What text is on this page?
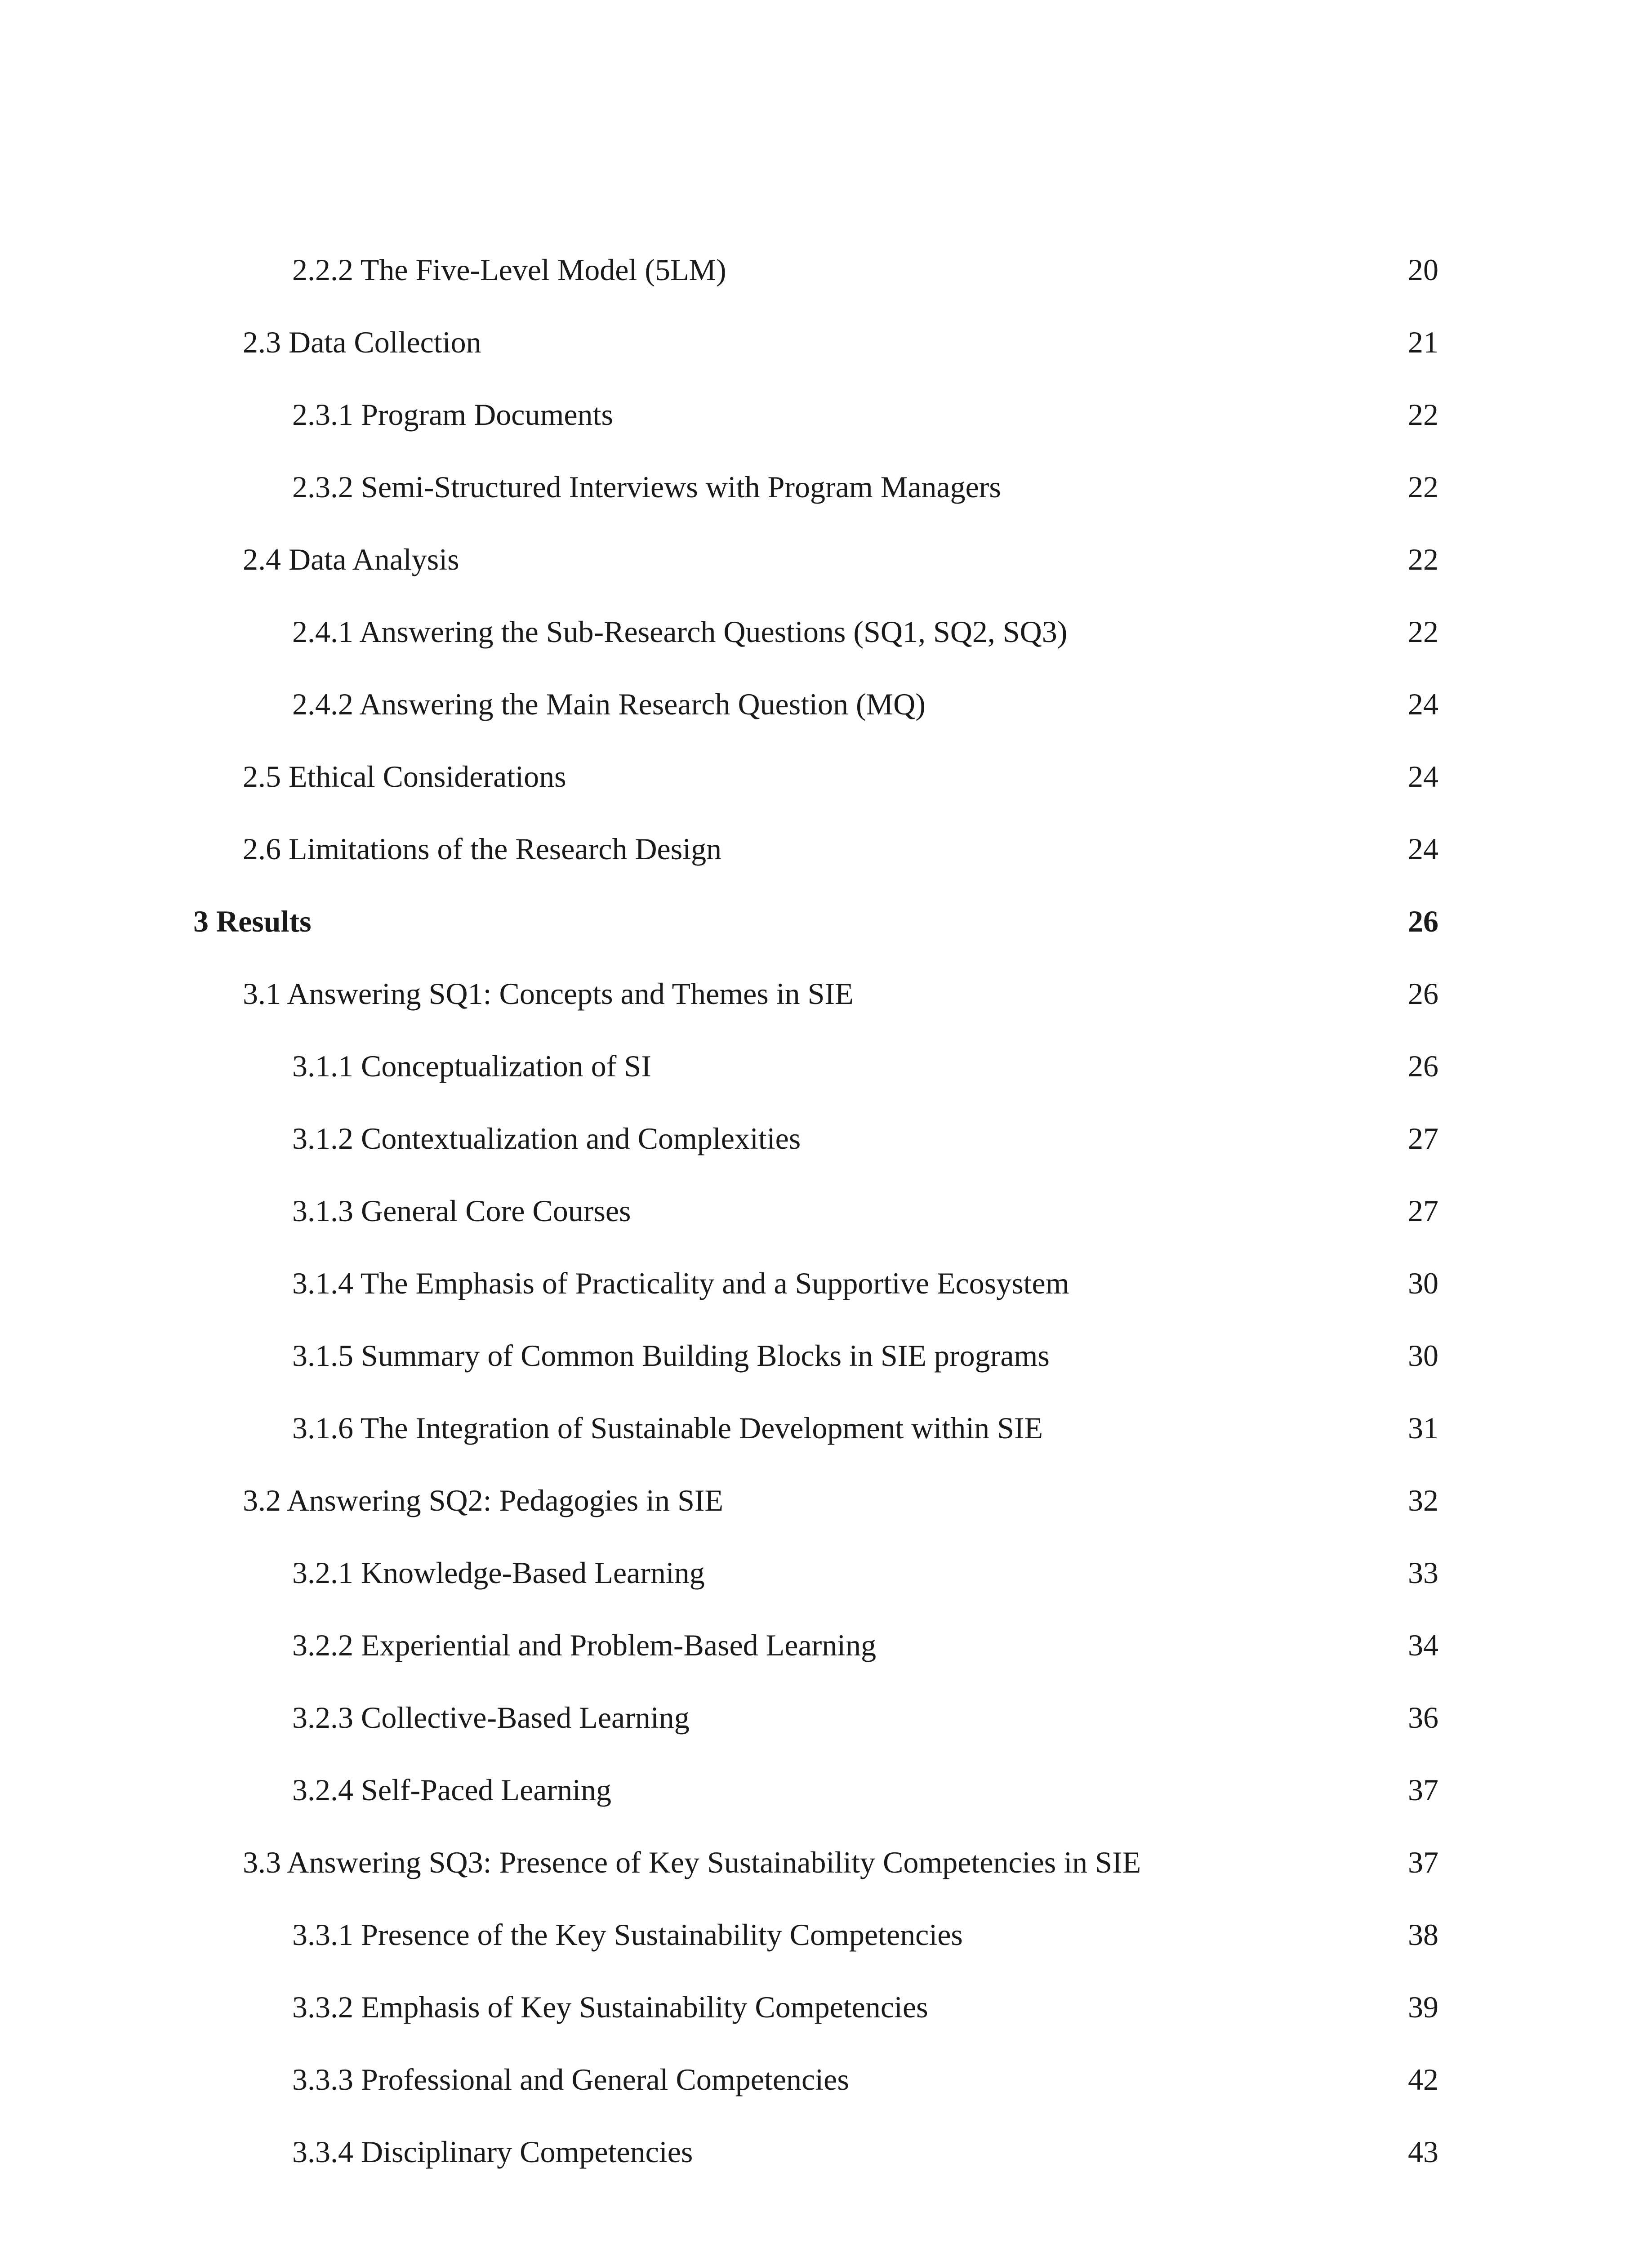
2.2.2 The Five-Level Model (5LM)	20
2.3 Data Collection	21
2.3.1 Program Documents	22
2.3.2 Semi-Structured Interviews with Program Managers	22
2.4 Data Analysis	22
2.4.1 Answering the Sub-Research Questions (SQ1, SQ2, SQ3)	22
2.4.2 Answering the Main Research Question (MQ)	24
2.5 Ethical Considerations	24
2.6 Limitations of the Research Design	24
3 Results	26
3.1 Answering SQ1: Concepts and Themes in SIE	26
3.1.1 Conceptualization of SI	26
3.1.2 Contextualization and Complexities	27
3.1.3 General Core Courses	27
3.1.4 The Emphasis of Practicality and a Supportive Ecosystem	30
3.1.5 Summary of Common Building Blocks in SIE programs	30
3.1.6 The Integration of Sustainable Development within SIE	31
3.2 Answering SQ2: Pedagogies in SIE	32
3.2.1 Knowledge-Based Learning	33
3.2.2 Experiential and Problem-Based Learning	34
3.2.3 Collective-Based Learning	36
3.2.4 Self-Paced Learning	37
3.3 Answering SQ3: Presence of Key Sustainability Competencies in SIE	37
3.3.1 Presence of the Key Sustainability Competencies	38
3.3.2 Emphasis of Key Sustainability Competencies	39
3.3.3 Professional and General Competencies	42
3.3.4 Disciplinary Competencies	43
